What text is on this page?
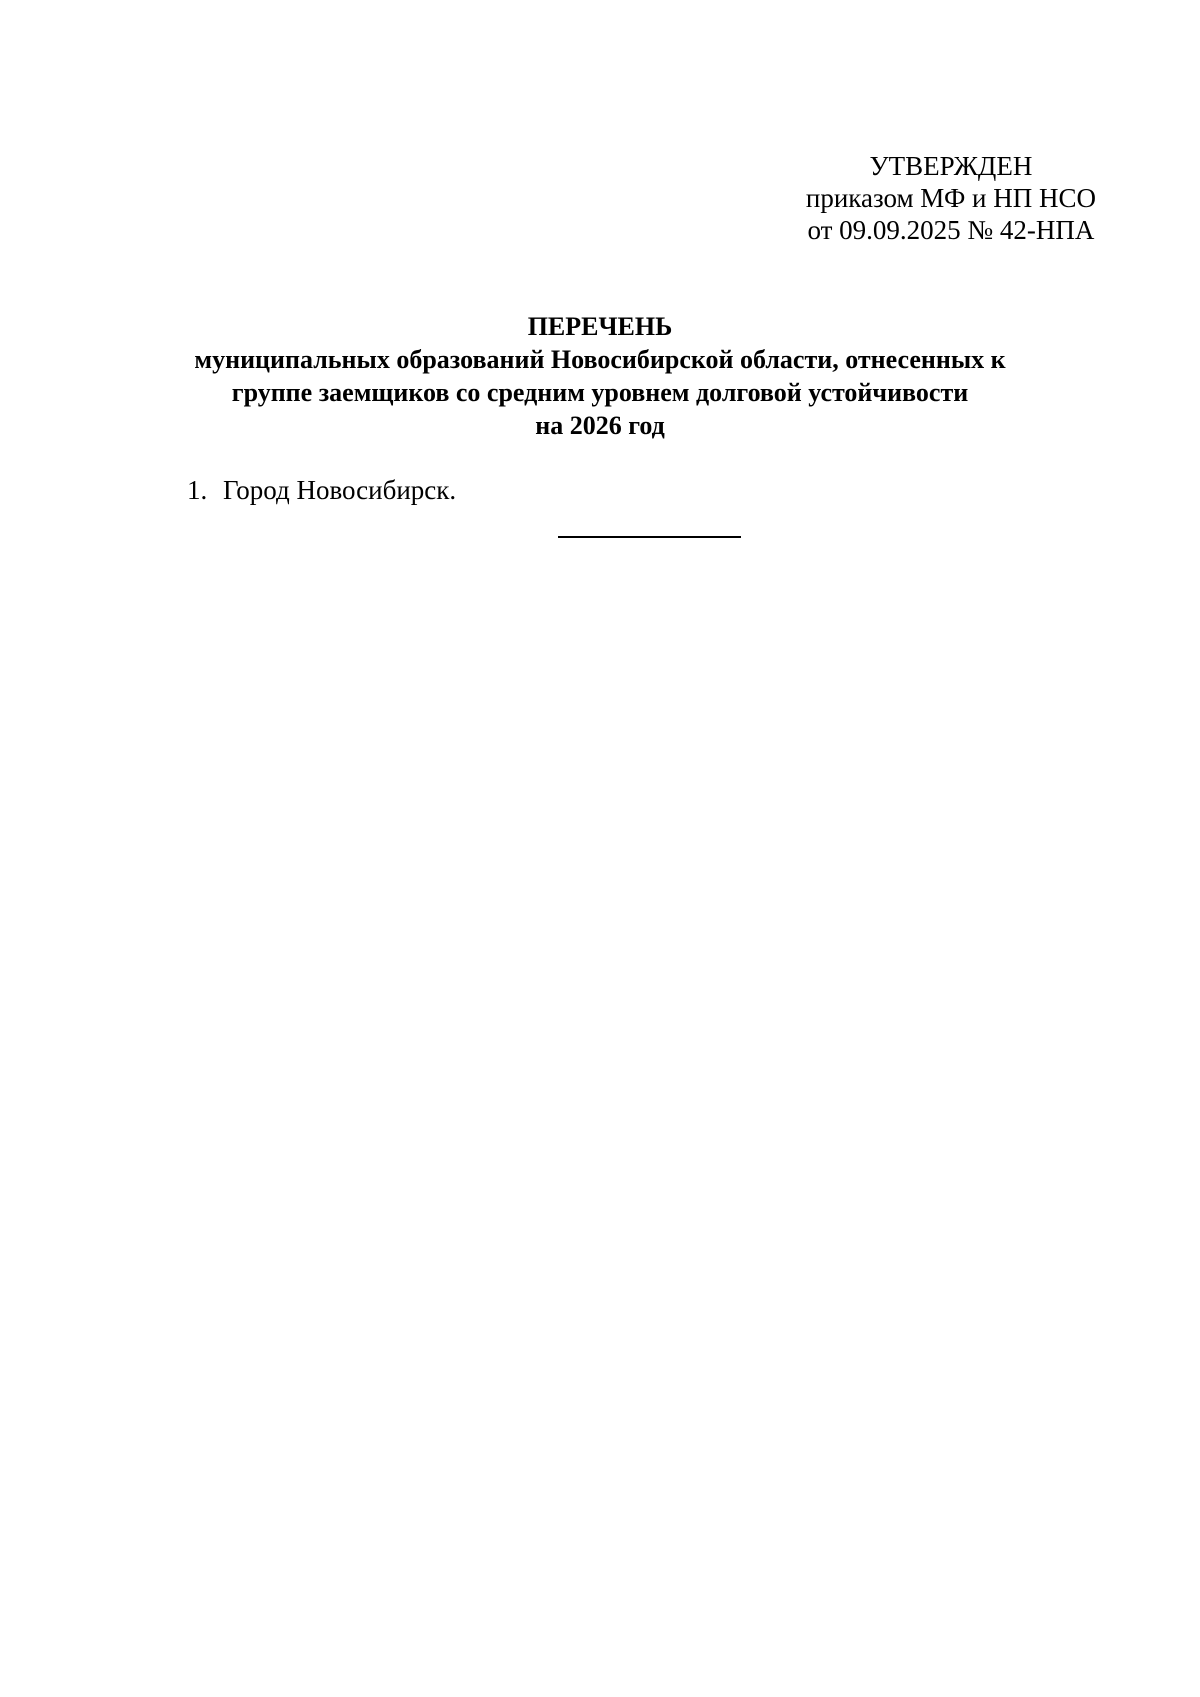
УТВЕРЖДЕН
приказом МФ и НП НСО
от 09.09.2025 № 42-НПА
ПЕРЕЧЕНЬ
муниципальных образований Новосибирской области, отнесенных к
группе заемщиков со средним уровнем долговой устойчивости
на 2026 год
1. Город Новосибирск.
